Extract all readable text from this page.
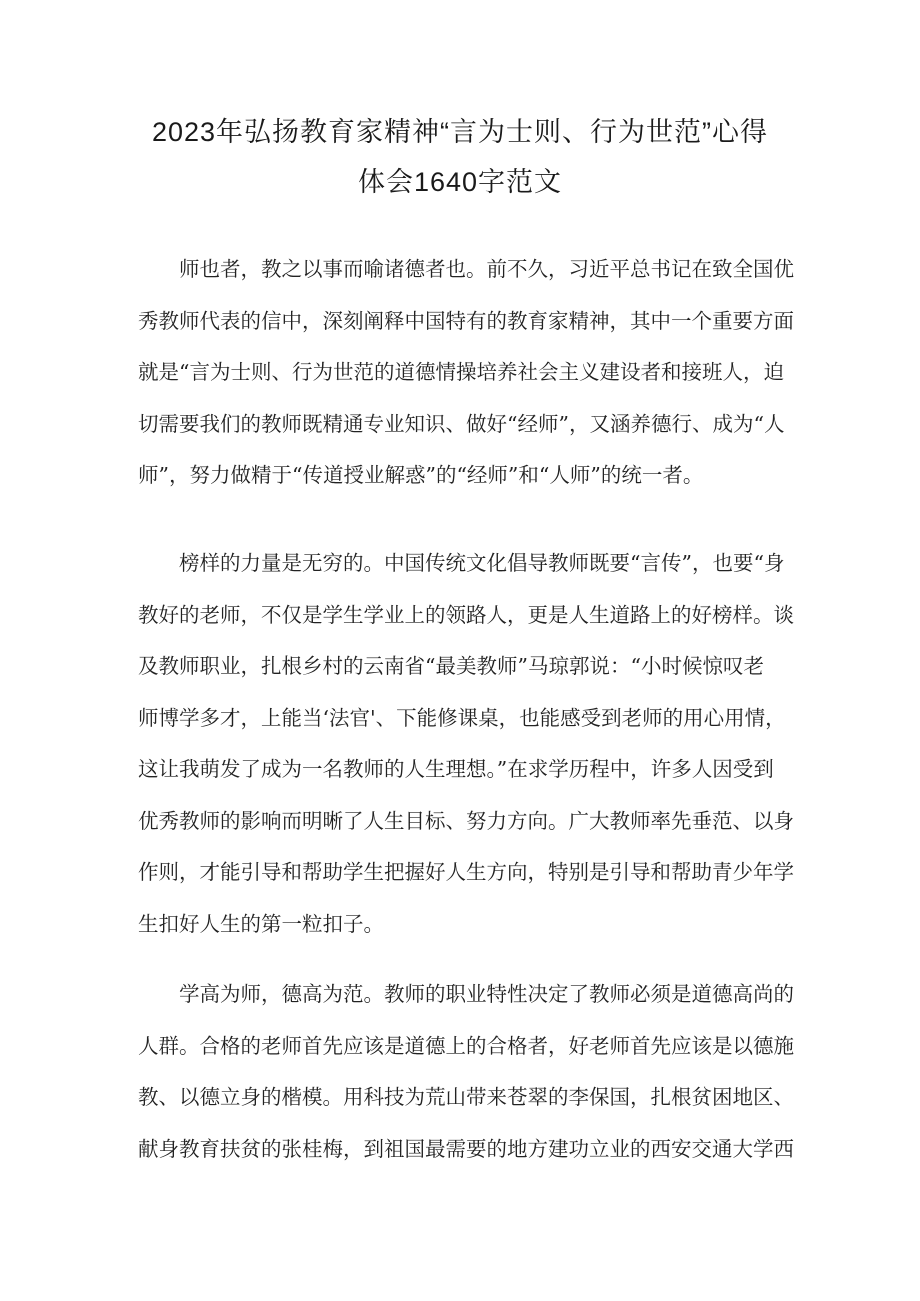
2023年弘扬教育家精神“言为士则、行为世范”心得
体会1640字范文
师也者，教之以事而喻诸德者也。前不久，习近平总书记在致全国优
秀教师代表的信中，深刻阐释中国特有的教育家精神，其中一个重要方面
就是“言为士则、行为世范的道德情操培养社会主义建设者和接班人，迫
切需要我们的教师既精通专业知识、做好“经师”，又涵养德行、成为“人
师”，努力做精于“传道授业解惑”的“经师”和“人师”的统一者。
榜样的力量是无穷的。中国传统文化倡导教师既要“言传”，也要“身
教好的老师，不仅是学生学业上的领路人，更是人生道路上的好榜样。谈
及教师职业，扎根乡村的云南省“最美教师”马琼郭说：“小时候惊叹老
师博学多才，上能当‘法官'、下能修课桌，也能感受到老师的用心用情，
这让我萌发了成为一名教师的人生理想。”在求学历程中，许多人因受到
优秀教师的影响而明晰了人生目标、努力方向。广大教师率先垂范、以身
作则，才能引导和帮助学生把握好人生方向，特别是引导和帮助青少年学
生扣好人生的第一粒扣子。
学高为师，德高为范。教师的职业特性决定了教师必须是道德高尚的
人群。合格的老师首先应该是道德上的合格者，好老师首先应该是以德施
教、以德立身的楷模。用科技为荒山带来苍翠的李保国，扎根贫困地区、
献身教育扶贫的张桂梅，到祖国最需要的地方建功立业的西安交通大学西
